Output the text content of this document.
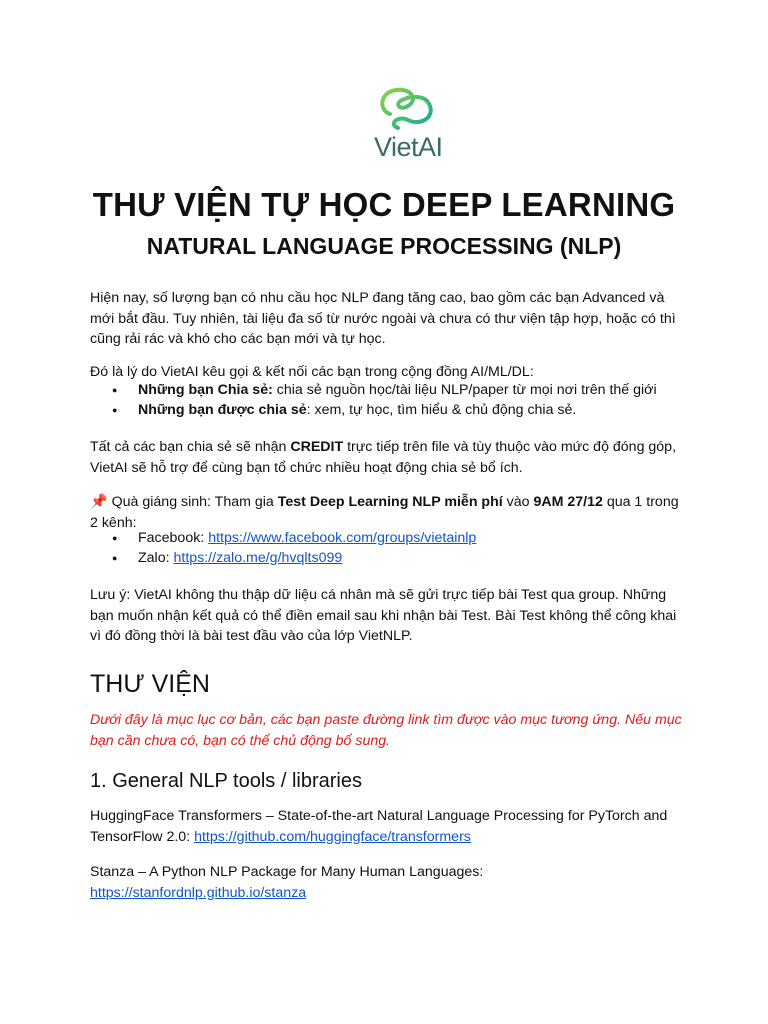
VietAI
THƯ VIỆN TỰ HỌC DEEP LEARNING
NATURAL LANGUAGE PROCESSING (NLP)
Hiện nay, số lượng bạn có nhu cầu học NLP đang tăng cao, bao gồm các bạn Advanced và mới bắt đầu. Tuy nhiên, tài liệu đa số từ nước ngoài và chưa có thư viện tập hợp, hoặc có thì cũng rải rác và khó cho các bạn mới và tự học.
Đó là lý do VietAI kêu gọi & kết nối các bạn trong cộng đồng AI/ML/DL:
● Những bạn Chia sẻ: chia sẻ nguồn học/tài liệu NLP/paper từ mọi nơi trên thế giới
● Những bạn được chia sẻ: xem, tự học, tìm hiểu & chủ động chia sẻ.
Tất cả các bạn chia sẻ sẽ nhận CREDIT trực tiếp trên file và tùy thuộc vào mức độ đóng góp, VietAI sẽ hỗ trợ để cùng bạn tổ chức nhiều hoạt động chia sẻ bổ ích.
📌 Quà giáng sinh: Tham gia Test Deep Learning NLP miễn phí vào 9AM 27/12 qua 1 trong 2 kênh:
● Facebook: https://www.facebook.com/groups/vietainlp
● Zalo: https://zalo.me/g/hvqlts099
Lưu ý: VietAI không thu thập dữ liệu cá nhân mà sẽ gửi trực tiếp bài Test qua group. Những bạn muốn nhận kết quả có thể điền email sau khi nhận bài Test. Bài Test không thể công khai vì đó đồng thời là bài test đầu vào của lớp VietNLP.
THƯ VIỆN
Dưới đây là mục lục cơ bản, các bạn paste đường link tìm được vào mục tương ứng. Nếu mục bạn cần chưa có, bạn có thể chủ động bổ sung.
1. General NLP tools / libraries
HuggingFace Transformers – State-of-the-art Natural Language Processing for PyTorch and TensorFlow 2.0: https://github.com/huggingface/transformers
Stanza – A Python NLP Package for Many Human Languages:
https://stanfordnlp.github.io/stanza
